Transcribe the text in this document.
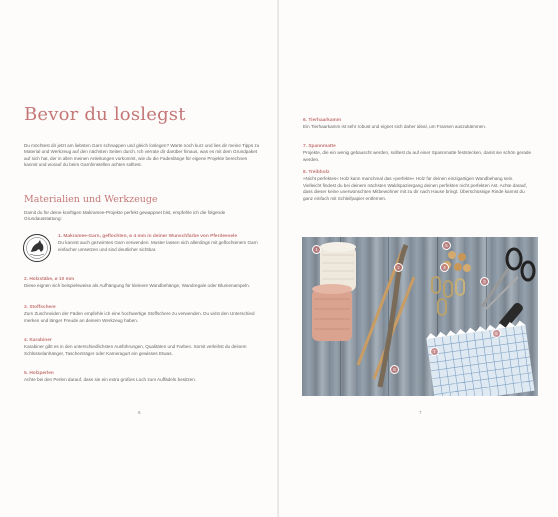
Bevor du loslegst

Du möchtest dir jetzt am liebsten Garn schnappen und gleich loslegen? Warte noch kurz und lies dir meine Tipps zu Material und Werkzeug auf den nächsten Seiten durch. Ich verrate dir darüber hinaus, was es mit dem Grundpaket auf sich hat, der in allen meinen Anleitungen vorkommt, wie du die Fadenlänge für eigene Projekte berechnen kannst und worauf du beim Garnhinstellen achten solltest.

Materialien und Werkzeuge

Damit du für deine künftigen Makramee-Projekte perfekt gewappnet bist, empfehle ich die folgende Grundausstattung:

1. Makramee-Garn, geflochten, ø 4 mm in deiner Wunschfarbe von Pferdeesele

Du kannst auch gezwirntes Garn verwenden. Muster lassen sich allerdings mit geflochtenem Garn einfacher umsetzen und sind deutlicher sichtbar.

2. Holzstäbe, ø 10 mm

Diese eignen sich beispielsweise als Aufhängung für kleinere Wandbehänge, Wandregale oder Blumenampeln.

3. Stoffschere

Zum Zuschneiden der Fäden empfehle ich eine hochwertige Stoffschere zu verwenden. Du wirst den Unterschied merken und länger Freude an deinem Werkzeug haben.

4. Karabiner

Karabiner gibt es in den unterschiedlichsten Ausführungen, Qualitäten und Farben. Somit verleihst du deinem Schlüsselanhänger, Taschenträger oder Kameragurt ein gewisses Etwas.

5. Holzperlen

Achte bei den Perlen darauf, dass sie ein extra großes Loch zum Auffädeln besitzen.

6

6. Tierhaarkamm

Ein Tierhaarkamm ist sehr robust und eignet sich daher ideal, um Fransen auszukämmen.

7. Spannmatte

Projekte, die ein wenig gebauscht werden, solltest du auf einer Spannmatte feststecken, damit sie schön gerade werden.

8. Treibholz

»Nicht perfektes« Holz kann manchmal das »perfekte« Holz für deinen einzigartigen Wandbehang sein. Vielleicht findest du bei deinem nächsten Waldspaziergang deinen perfekten nicht perfekten Ast. Achte darauf, dass dieser keine unerwünschten Mitbewohner mit zu dir nach Hause bringt. Überschüssige Rinde kannst du ganz einfach mit Schleifpapier entfernen.

7
1
2
3
4
5
6
7
8
